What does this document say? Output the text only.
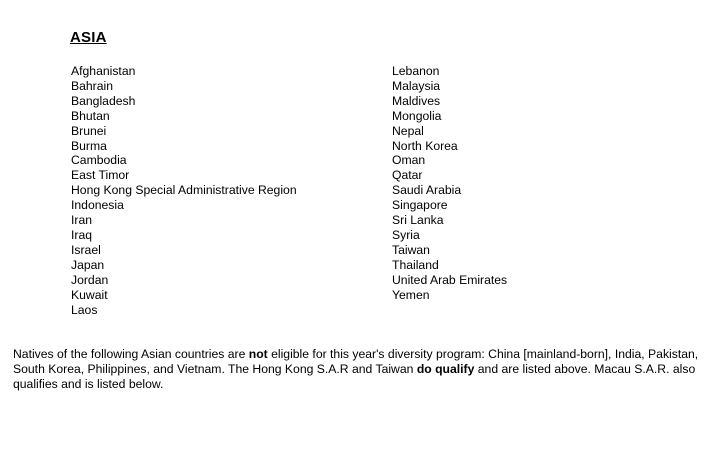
ASIA
Afghanistan
Bahrain
Bangladesh
Bhutan
Brunei
Burma
Cambodia
East Timor
Hong Kong Special Administrative Region
Indonesia
Iran
Iraq
Israel
Japan
Jordan
Kuwait
Laos
Lebanon
Malaysia
Maldives
Mongolia
Nepal
North Korea
Oman
Qatar
Saudi Arabia
Singapore
Sri Lanka
Syria
Taiwan
Thailand
United Arab Emirates
Yemen

Natives of the following Asian countries are not eligible for this year's diversity program: China [mainland-born], India, Pakistan, South Korea, Philippines, and Vietnam. The Hong Kong S.A.R and Taiwan do qualify and are listed above. Macau S.A.R. also qualifies and is listed below.
